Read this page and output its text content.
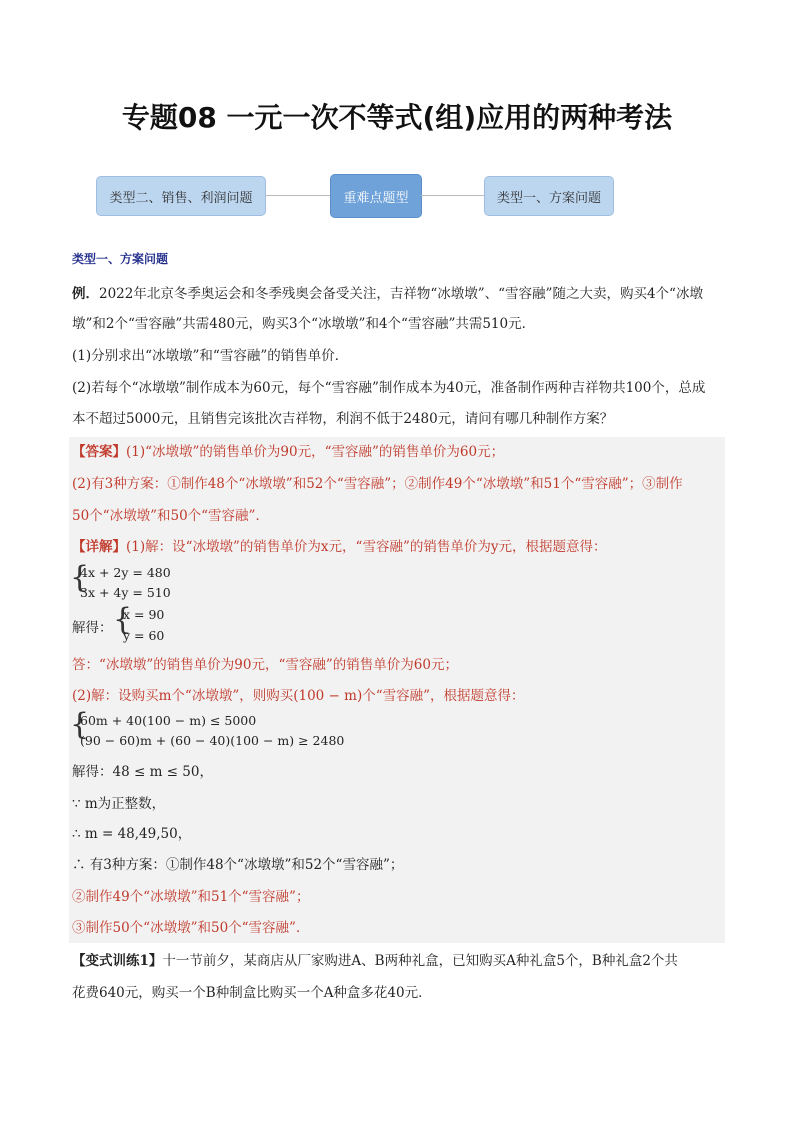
专题08 一元一次不等式(组)应用的两种考法
类型二、销售、利润问题	重难点题型	类型一、方案问题
类型一、方案问题
例．2022年北京冬季奥运会和冬季残奥会备受关注，吉祥物“冰墩墩”、“雪容融”随之大卖，购买4个“冰墩
墩”和2个“雪容融”共需480元，购买3个“冰墩墩”和4个“雪容融”共需510元．
(1)分别求出“冰墩墩”和“雪容融”的销售单价．
(2)若每个“冰墩墩”制作成本为60元，每个“雪容融”制作成本为40元，准备制作两种吉祥物共100个，总成
本不超过5000元，且销售完该批次吉祥物，利润不低于2480元，请问有哪几种制作方案？
【答案】(1)“冰墩墩”的销售单价为90元，“雪容融”的销售单价为60元；
(2)有3种方案：①制作48个“冰墩墩”和52个“雪容融”；②制作49个“冰墩墩”和51个“雪容融”；③制作
50个“冰墩墩”和50个“雪容融”．
【详解】(1)解：设“冰墩墩”的销售单价为x元，“雪容融”的销售单价为y元，根据题意得：
{
4x + 2y = 480
3x + 4y = 510
解得： {
x = 90
y = 60
答：“冰墩墩”的销售单价为90元，“雪容融”的销售单价为60元；
(2)解：设购买m个“冰墩墩”，则购买(100 − m)个“雪容融”，根据题意得：
{
60m + 40(100 − m) ≤ 5000
(90 − 60)m + (60 − 40)(100 − m) ≥ 2480
解得：48 ≤ m ≤ 50，
∵ m为正整数，
∴ m = 48,49,50，
∴ 有3种方案：①制作48个“冰墩墩”和52个“雪容融”；
②制作49个“冰墩墩”和51个“雪容融”；
③制作50个“冰墩墩”和50个“雪容融”．
【变式训练1】十一节前夕，某商店从厂家购进A、B两种礼盒，已知购买A种礼盒5个，B种礼盒2个共
花费640元，购买一个B种制盒比购买一个A种盒多花40元．
